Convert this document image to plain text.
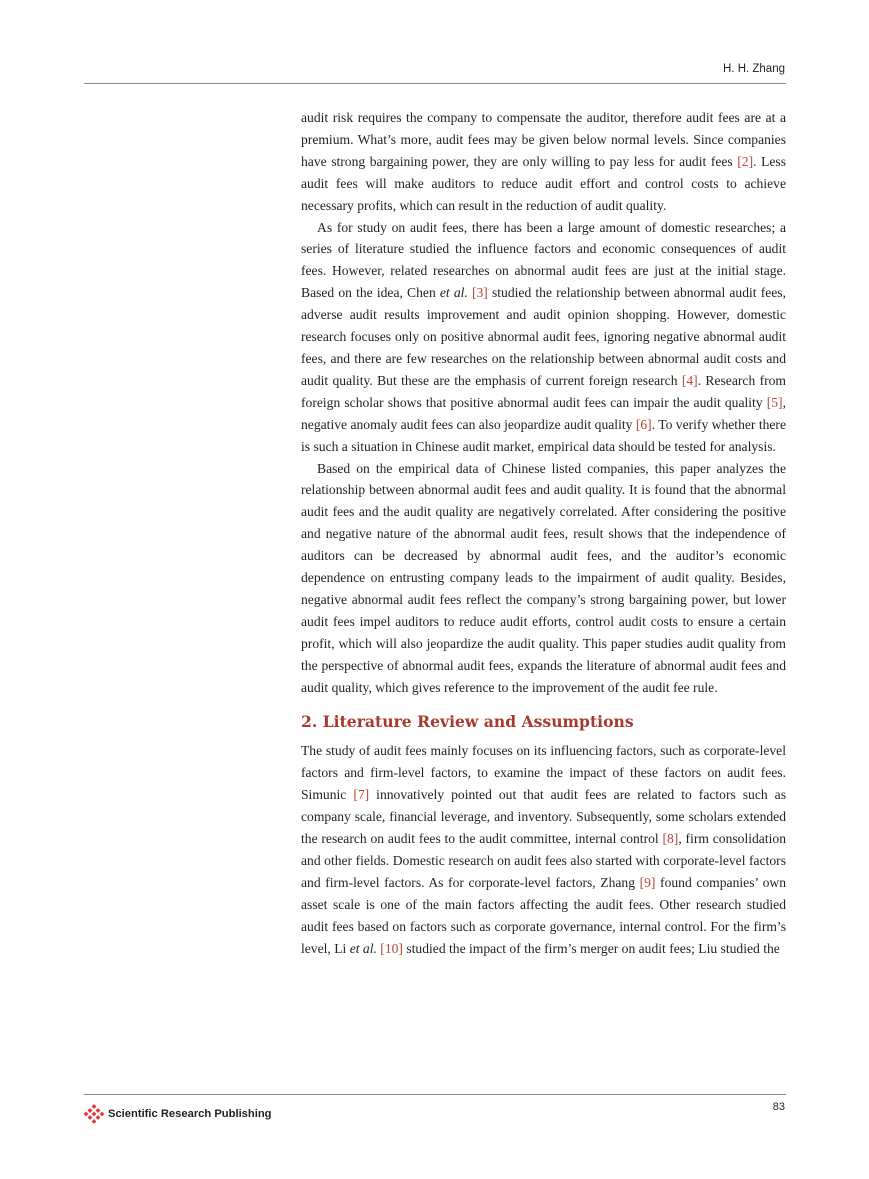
H. H. Zhang

audit risk requires the company to compensate the auditor, therefore audit fees are at a premium. What’s more, audit fees may be given below normal levels. Since companies have strong bargaining power, they are only willing to pay less for audit fees [2]. Less audit fees will make auditors to reduce audit effort and control costs to achieve necessary profits, which can result in the reduction of audit quality.

As for study on audit fees, there has been a large amount of domestic researches; a series of literature studied the influence factors and economic consequences of audit fees. However, related researches on abnormal audit fees are just at the initial stage. Based on the idea, Chen et al. [3] studied the relationship between abnormal audit fees, adverse audit results improvement and audit opinion shopping. However, domestic research focuses only on positive abnormal audit fees, ignoring negative abnormal audit fees, and there are few researches on the relationship between abnormal audit costs and audit quality. But these are the emphasis of current foreign research [4]. Research from foreign scholar shows that positive abnormal audit fees can impair the audit quality [5], negative anomaly audit fees can also jeopardize audit quality [6]. To verify whether there is such a situation in Chinese audit market, empirical data should be tested for analysis.

Based on the empirical data of Chinese listed companies, this paper analyzes the relationship between abnormal audit fees and audit quality. It is found that the abnormal audit fees and the audit quality are negatively correlated. After considering the positive and negative nature of the abnormal audit fees, result shows that the independence of auditors can be decreased by abnormal audit fees, and the auditor’s economic dependence on entrusting company leads to the impairment of audit quality. Besides, negative abnormal audit fees reflect the company’s strong bargaining power, but lower audit fees impel auditors to reduce audit efforts, control audit costs to ensure a certain profit, which will also jeopardize the audit quality. This paper studies audit quality from the perspective of abnormal audit fees, expands the literature of abnormal audit fees and audit quality, which gives reference to the improvement of the audit fee rule.

2. Literature Review and Assumptions

The study of audit fees mainly focuses on its influencing factors, such as corporate-level factors and firm-level factors, to examine the impact of these factors on audit fees. Simunic [7] innovatively pointed out that audit fees are related to factors such as company scale, financial leverage, and inventory. Subsequently, some scholars extended the research on audit fees to the audit committee, internal control [8], firm consolidation and other fields. Domestic research on audit fees also started with corporate-level factors and firm-level factors. As for corporate-level factors, Zhang [9] found companies’ own asset scale is one of the main factors affecting the audit fees. Other research studied audit fees based on factors such as corporate governance, internal control. For the firm’s level, Li et al. [10] studied the impact of the firm’s merger on audit fees; Liu studied the

Scientific Research Publishing
83
